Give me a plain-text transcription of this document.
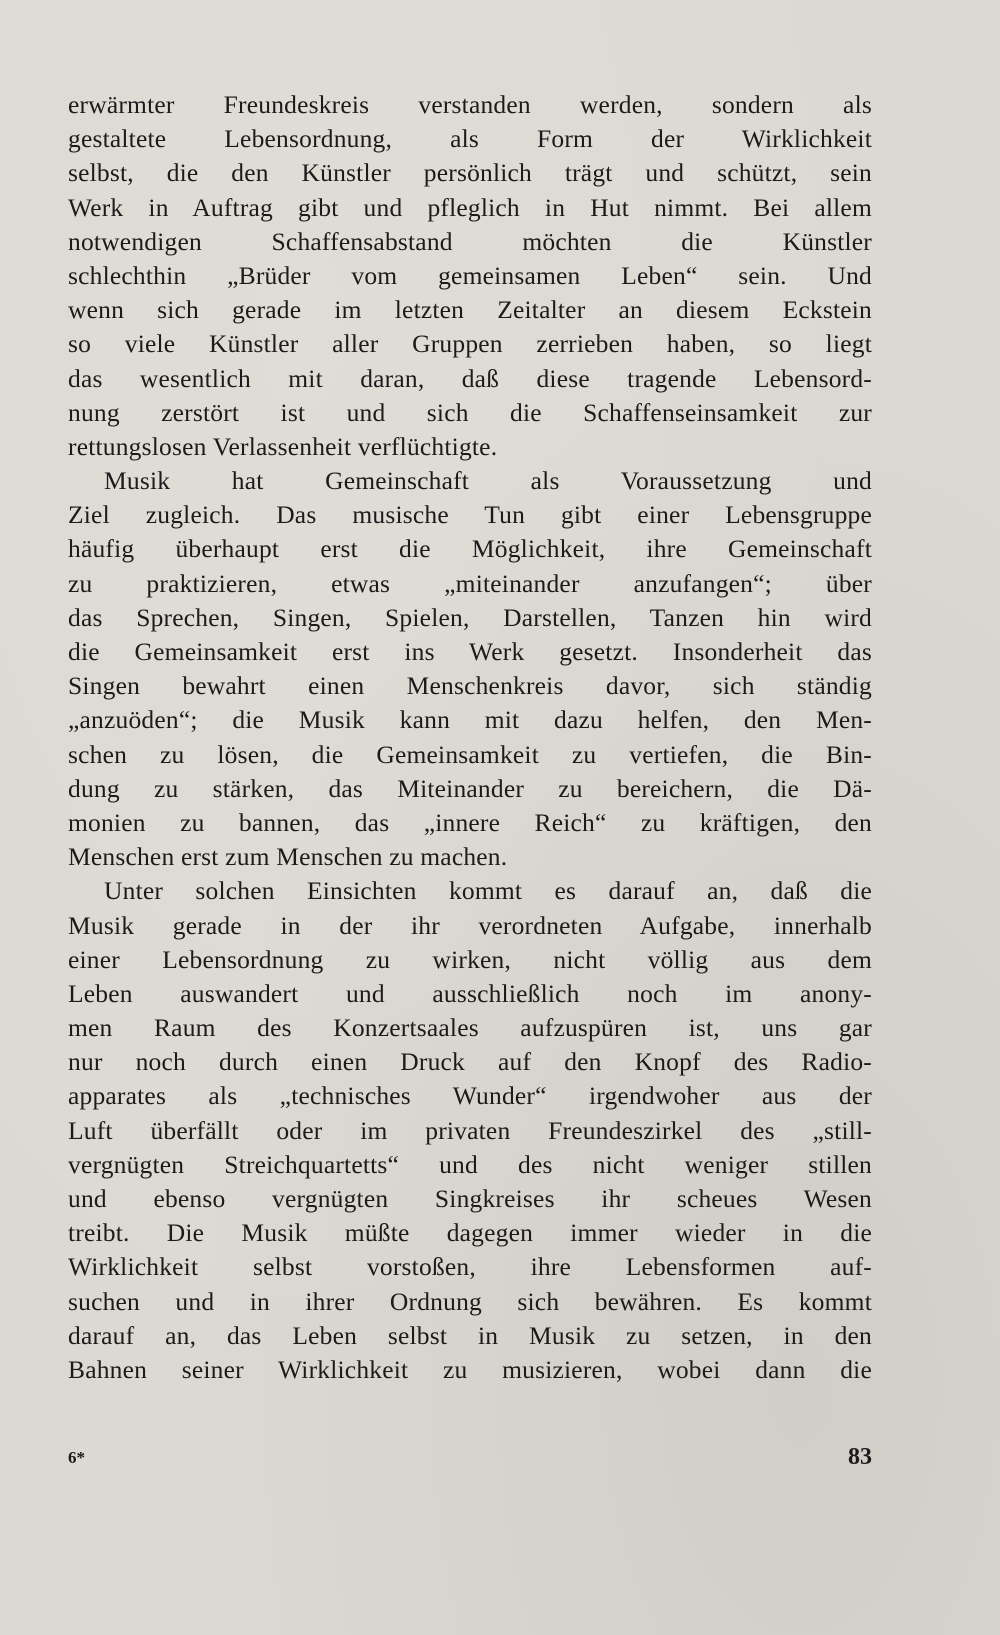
erwärmter Freundeskreis verstanden werden, sondern als
gestaltete Lebensordnung, als Form der Wirklichkeit
selbst, die den Künstler persönlich trägt und schützt, sein
Werk in Auftrag gibt und pfleglich in Hut nimmt. Bei allem
notwendigen Schaffensabstand möchten die Künstler
schlechthin „Brüder vom gemeinsamen Leben“ sein. Und
wenn sich gerade im letzten Zeitalter an diesem Eckstein
so viele Künstler aller Gruppen zerrieben haben, so liegt
das wesentlich mit daran, daß diese tragende Lebensord-
nung zerstört ist und sich die Schaffenseinsamkeit zur
rettungslosen Verlassenheit verflüchtigte.
Musik hat Gemeinschaft als Voraussetzung und
Ziel zugleich. Das musische Tun gibt einer Lebensgruppe
häufig überhaupt erst die Möglichkeit, ihre Gemeinschaft
zu praktizieren, etwas „miteinander anzufangen“; über
das Sprechen, Singen, Spielen, Darstellen, Tanzen hin wird
die Gemeinsamkeit erst ins Werk gesetzt. Insonderheit das
Singen bewahrt einen Menschenkreis davor, sich ständig
„anzuöden“; die Musik kann mit dazu helfen, den Men-
schen zu lösen, die Gemeinsamkeit zu vertiefen, die Bin-
dung zu stärken, das Miteinander zu bereichern, die Dä-
monien zu bannen, das „innere Reich“ zu kräftigen, den
Menschen erst zum Menschen zu machen.
Unter solchen Einsichten kommt es darauf an, daß die
Musik gerade in der ihr verordneten Aufgabe, innerhalb
einer Lebensordnung zu wirken, nicht völlig aus dem
Leben auswandert und ausschließlich noch im anony-
men Raum des Konzertsaales aufzuspüren ist, uns gar
nur noch durch einen Druck auf den Knopf des Radio-
apparates als „technisches Wunder“ irgendwoher aus der
Luft überfällt oder im privaten Freundeszirkel des „still-
vergnügten Streichquartetts“ und des nicht weniger stillen
und ebenso vergnügten Singkreises ihr scheues Wesen
treibt. Die Musik müßte dagegen immer wieder in die
Wirklichkeit selbst vorstoßen, ihre Lebensformen auf-
suchen und in ihrer Ordnung sich bewähren. Es kommt
darauf an, das Leben selbst in Musik zu setzen, in den
Bahnen seiner Wirklichkeit zu musizieren, wobei dann die
6*	83
